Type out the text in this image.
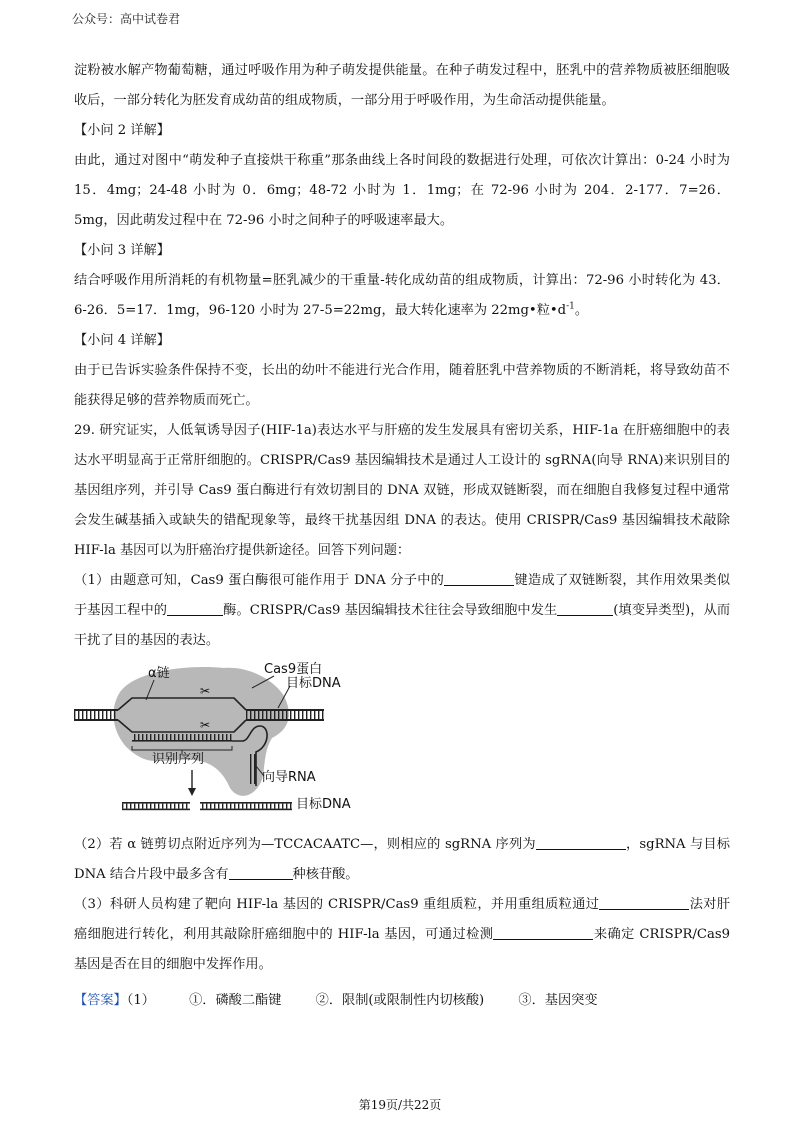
公众号：高中试卷君

淀粉被水解产物葡萄糖，通过呼吸作用为种子萌发提供能量。在种子萌发过程中，胚乳中的营养物质被胚细胞吸收后，一部分转化为胚发育成幼苗的组成物质，一部分用于呼吸作用，为生命活动提供能量。

【小问 2 详解】

由此，通过对图中“萌发种子直接烘干称重”那条曲线上各时间段的数据进行处理，可依次计算出：0-24 小时为 15．4mg；24-48 小时为 0．6mg；48-72 小时为 1．1mg；在 72-96 小时为 204．2-177．7=26．5mg，因此萌发过程中在 72-96 小时之间种子的呼吸速率最大。

【小问 3 详解】

结合呼吸作用所消耗的有机物量=胚乳减少的干重量-转化成幼苗的组成物质，计算出：72-96 小时转化为 43．6-26．5=17．1mg，96-120 小时为 27-5=22mg，最大转化速率为 22mg•粒$•d^{-1}$。

【小问 4 详解】

由于已告诉实验条件保持不变，长出的幼叶不能进行光合作用，随着胚乳中营养物质的不断消耗，将导致幼苗不能获得足够的营养物质而死亡。

29. 研究证实，人低氧诱导因子(HIF-1a)表达水平与肝癌的发生发展具有密切关系，HIF-1a 在肝癌细胞中的表达水平明显高于正常肝细胞的。CRISPR/Cas9 基因编辑技术是通过人工设计的 sgRNA(向导 RNA)来识别目的基因组序列，并引导 Cas9 蛋白酶进行有效切割目的 DNA 双链，形成双链断裂，而在细胞自我修复过程中通常会发生碱基插入或缺失的错配现象等，最终干扰基因组 DNA 的表达。使用 CRISPR/Cas9 基因编辑技术敲除 HIF-la 基因可以为肝癌治疗提供新途径。回答下列问题：

（1）由题意可知，Cas9 蛋白酶很可能作用于 DNA 分子中的	键造成了双链断裂，其作用效果类似于基因工程中的	酶。CRISPR/Cas9 基因编辑技术往往会导致细胞中发生	(填变异类型)，从而干扰了目的基因的表达。

✂
✂
α链	Cas9蛋白
目标DNA
识别序列
向导RNA
目标DNA

（2）若 α 链剪切点附近序列为—TCCACAATC—，则相应的 sgRNA 序列为	，sgRNA 与目标DNA 结合片段中最多含有	种核苷酸。

（3）科研人员构建了靶向 HIF-la 基因的 CRISPR/Cas9 重组质粒，并用重组质粒通过	法对肝癌细胞进行转化，利用其敲除肝癌细胞中的 HIF-la 基因，可通过检测	来确定 CRISPR/Cas9 基因是否在目的细胞中发挥作用。

【答案】（1）	①．磷酸二酯键	②．限制(或限制性内切核酸)	③．基因突变

第19页/共22页
